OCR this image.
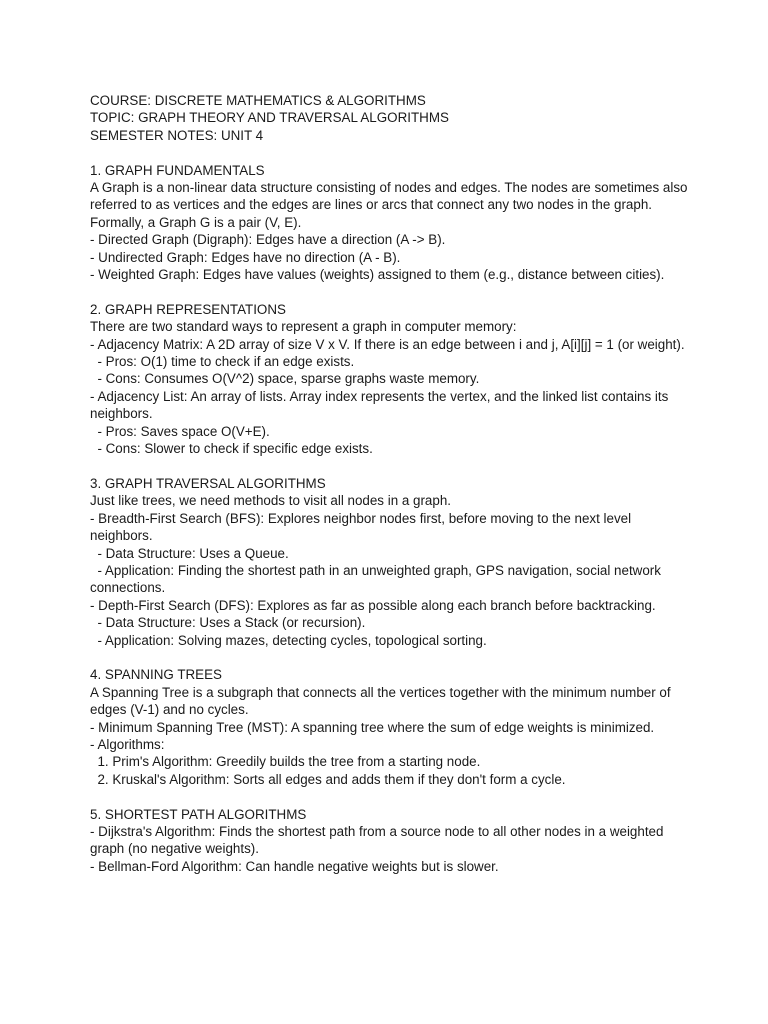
COURSE: DISCRETE MATHEMATICS & ALGORITHMS
TOPIC: GRAPH THEORY AND TRAVERSAL ALGORITHMS
SEMESTER NOTES: UNIT 4
1. GRAPH FUNDAMENTALS
A Graph is a non-linear data structure consisting of nodes and edges. The nodes are sometimes also referred to as vertices and the edges are lines or arcs that connect any two nodes in the graph. Formally, a Graph G is a pair (V, E).
- Directed Graph (Digraph): Edges have a direction (A -> B).
- Undirected Graph: Edges have no direction (A - B).
- Weighted Graph: Edges have values (weights) assigned to them (e.g., distance between cities).
2. GRAPH REPRESENTATIONS
There are two standard ways to represent a graph in computer memory:
- Adjacency Matrix: A 2D array of size V x V. If there is an edge between i and j, A[i][j] = 1 (or weight).
- Pros: O(1) time to check if an edge exists.
- Cons: Consumes O(V^2) space, sparse graphs waste memory.
- Adjacency List: An array of lists. Array index represents the vertex, and the linked list contains its neighbors.
- Pros: Saves space O(V+E).
- Cons: Slower to check if specific edge exists.
3. GRAPH TRAVERSAL ALGORITHMS
Just like trees, we need methods to visit all nodes in a graph.
- Breadth-First Search (BFS): Explores neighbor nodes first, before moving to the next level neighbors.
- Data Structure: Uses a Queue.
- Application: Finding the shortest path in an unweighted graph, GPS navigation, social network connections.
- Depth-First Search (DFS): Explores as far as possible along each branch before backtracking.
- Data Structure: Uses a Stack (or recursion).
- Application: Solving mazes, detecting cycles, topological sorting.
4. SPANNING TREES
A Spanning Tree is a subgraph that connects all the vertices together with the minimum number of edges (V-1) and no cycles.
- Minimum Spanning Tree (MST): A spanning tree where the sum of edge weights is minimized.
- Algorithms:
1. Prim's Algorithm: Greedily builds the tree from a starting node.
2. Kruskal's Algorithm: Sorts all edges and adds them if they don't form a cycle.
5. SHORTEST PATH ALGORITHMS
- Dijkstra's Algorithm: Finds the shortest path from a source node to all other nodes in a weighted graph (no negative weights).
- Bellman-Ford Algorithm: Can handle negative weights but is slower.
